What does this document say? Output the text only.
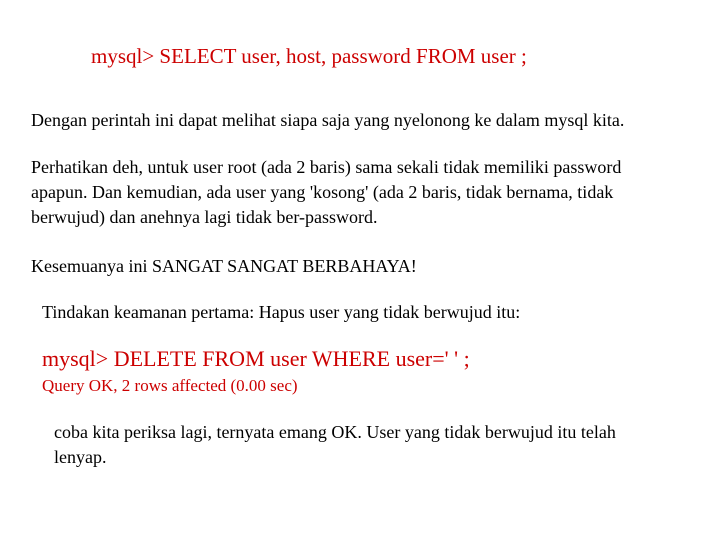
mysql> SELECT user, host, password FROM user ;

Dengan perintah ini dapat melihat siapa saja yang nyelonong ke dalam mysql kita.

Perhatikan deh, untuk user root (ada 2 baris) sama sekali tidak memiliki password
apapun. Dan kemudian, ada user yang 'kosong' (ada 2 baris, tidak bernama, tidak
berwujud) dan anehnya lagi tidak ber-password.

Kesemuanya ini SANGAT SANGAT BERBAHAYA!

Tindakan keamanan pertama: Hapus user yang tidak berwujud itu:

mysql> DELETE FROM user WHERE user=' ' ;

Query OK, 2 rows affected (0.00 sec)

coba kita periksa lagi, ternyata emang OK. User yang tidak berwujud itu telah
lenyap.
